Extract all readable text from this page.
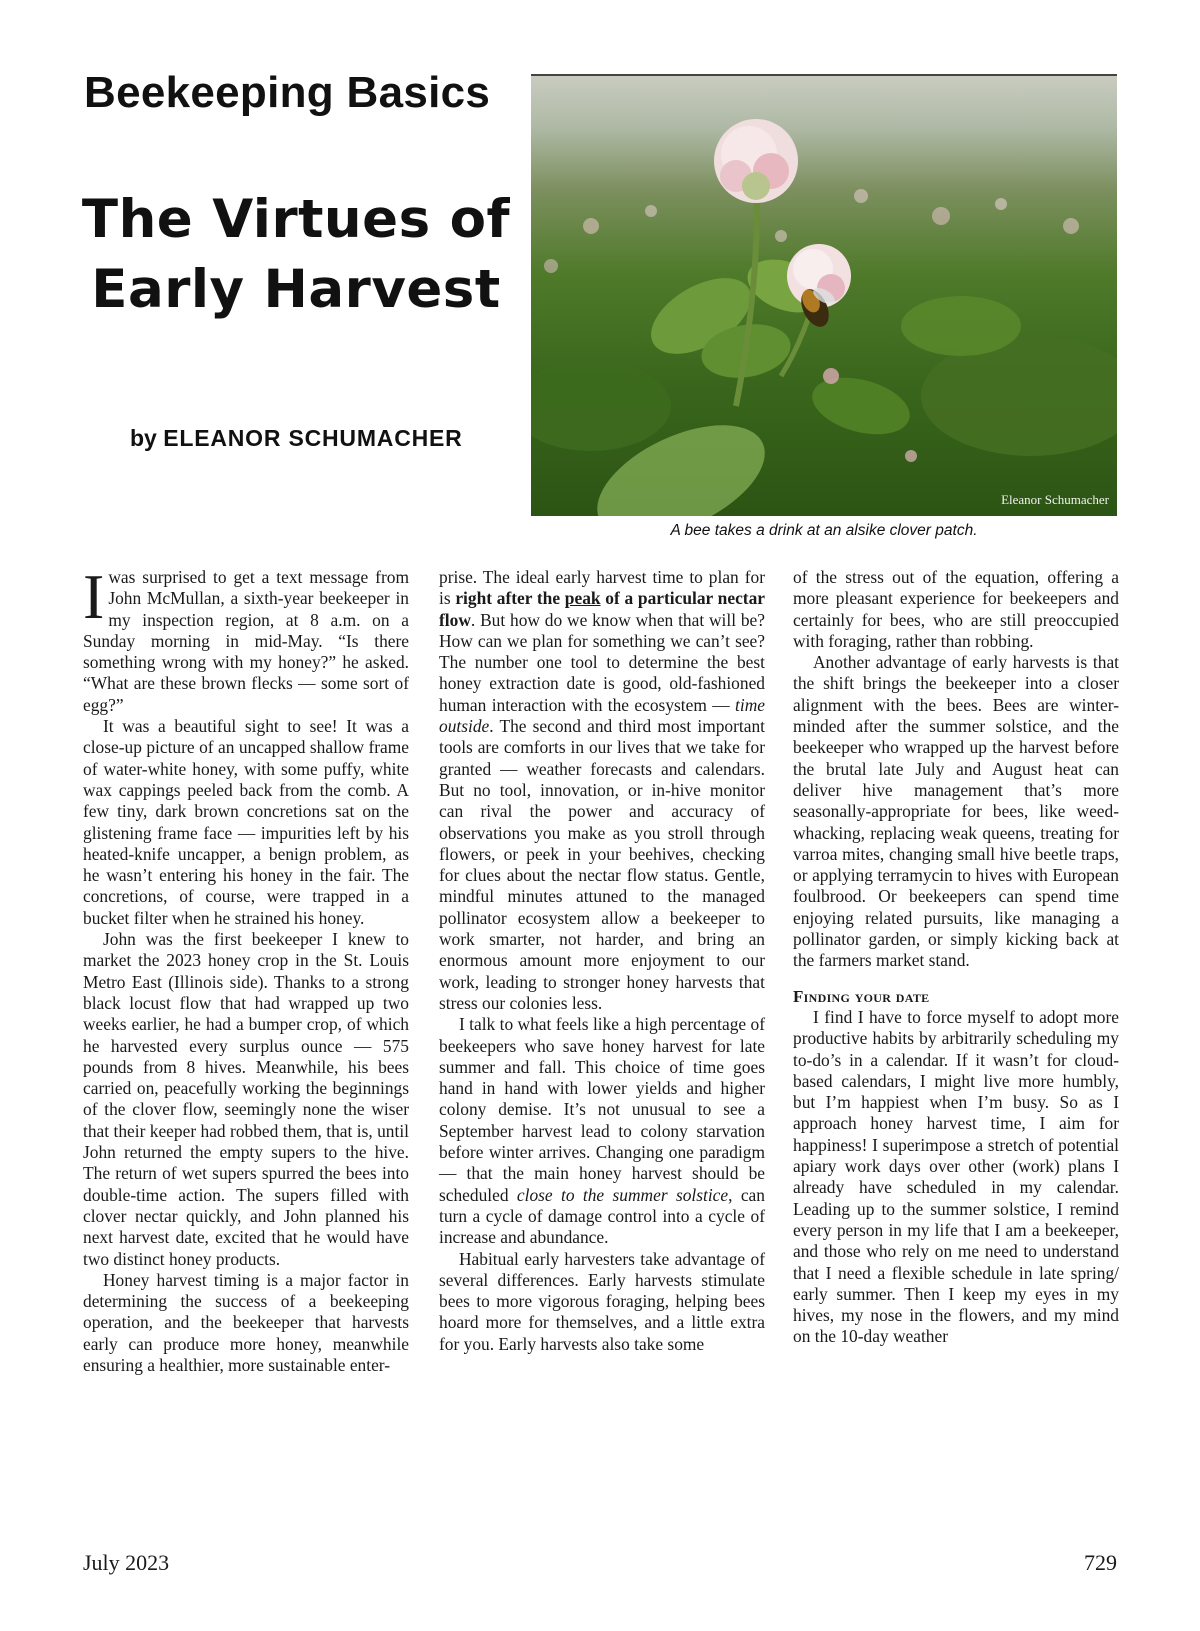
Beekeeping Basics
The Virtues of
Early Harvest
by ELEANOR SCHUMACHER
Eleanor Schumacher
A bee takes a drink at an alsike clover patch.

Iwas surprised to get a text message from John McMullan, a sixth-year beekeeper in my inspection region, at 8 a.m. on a Sunday morning in mid-May. “Is there something wrong with my honey?” he asked. “What are these brown flecks — some sort of egg?”

It was a beautiful sight to see! It was a close-up picture of an uncapped shallow frame of water-white honey, with some puffy, white wax cappings peeled back from the comb. A few tiny, dark brown concretions sat on the glistening frame face — impurities left by his heated-knife uncapper, a benign problem, as he wasn’t entering his honey in the fair. The concretions, of course, were trapped in a bucket filter when he strained his honey.

John was the first beekeeper I knew to market the 2023 honey crop in the St. Louis Metro East (Illinois side). Thanks to a strong black locust flow that had wrapped up two weeks earlier, he had a bumper crop, of which he harvested every surplus ounce — 575 pounds from 8 hives. Meanwhile, his bees carried on, peacefully working the beginnings of the clover flow, seemingly none the wiser that their keeper had robbed them, that is, until John returned the empty supers to the hive. The return of wet supers spurred the bees into double-time action. The supers filled with clover nectar quickly, and John planned his next harvest date, excited that he would have two distinct honey products.

Honey harvest timing is a major factor in determining the success of a beekeeping operation, and the beekeeper that harvests early can produce more honey, meanwhile ensuring a healthier, more sustainable enter-

prise. The ideal early harvest time to plan for is right after the peak of a particular nectar flow. But how do we know when that will be? How can we plan for something we can’t see? The number one tool to determine the best honey extraction date is good, old-fashioned human interaction with the ecosystem — time outside. The second and third most important tools are comforts in our lives that we take for granted — weather forecasts and calendars. But no tool, innovation, or in-hive monitor can rival the power and accuracy of observations you make as you stroll through flowers, or peek in your beehives, checking for clues about the nectar flow status. Gentle, mindful minutes attuned to the managed pollinator ecosystem allow a beekeeper to work smarter, not harder, and bring an enormous amount more enjoyment to our work, leading to stronger honey harvests that stress our colonies less.

I talk to what feels like a high percentage of beekeepers who save honey harvest for late summer and fall. This choice of time goes hand in hand with lower yields and higher colony demise. It’s not unusual to see a September harvest lead to colony starvation before winter arrives. Changing one paradigm — that the main honey harvest should be scheduled close to the summer solstice, can turn a cycle of damage control into a cycle of increase and abundance.

Habitual early harvesters take advantage of several differences. Early harvests stimulate bees to more vigorous foraging, helping bees hoard more for themselves, and a little extra for you. Early harvests also take some

of the stress out of the equation, offering a more pleasant experience for beekeepers and certainly for bees, who are still preoccupied with foraging, rather than robbing.

Another advantage of early harvests is that the shift brings the beekeeper into a closer alignment with the bees. Bees are winter-minded after the summer solstice, and the beekeeper who wrapped up the harvest before the brutal late July and August heat can deliver hive management that’s more seasonally-appropriate for bees, like weed-whacking, replacing weak queens, treating for varroa mites, changing small hive beetle traps, or applying terramycin to hives with European foulbrood. Or beekeepers can spend time enjoying related pursuits, like managing a pollinator garden, or simply kicking back at the farmers market stand.

Finding your date

I find I have to force myself to adopt more productive habits by arbitrarily scheduling my to-do’s in a calendar. If it wasn’t for cloud-based calendars, I might live more humbly, but I’m happiest when I’m busy. So as I approach honey harvest time, I aim for happiness! I superimpose a stretch of potential apiary work days over other (work) plans I already have scheduled in my calendar. Leading up to the summer solstice, I remind every person in my life that I am a beekeeper, and those who rely on me need to understand that I need a flexible schedule in late spring/ early summer. Then I keep my eyes in my hives, my nose in the flowers, and my mind on the 10-day weather

July 2023	729
